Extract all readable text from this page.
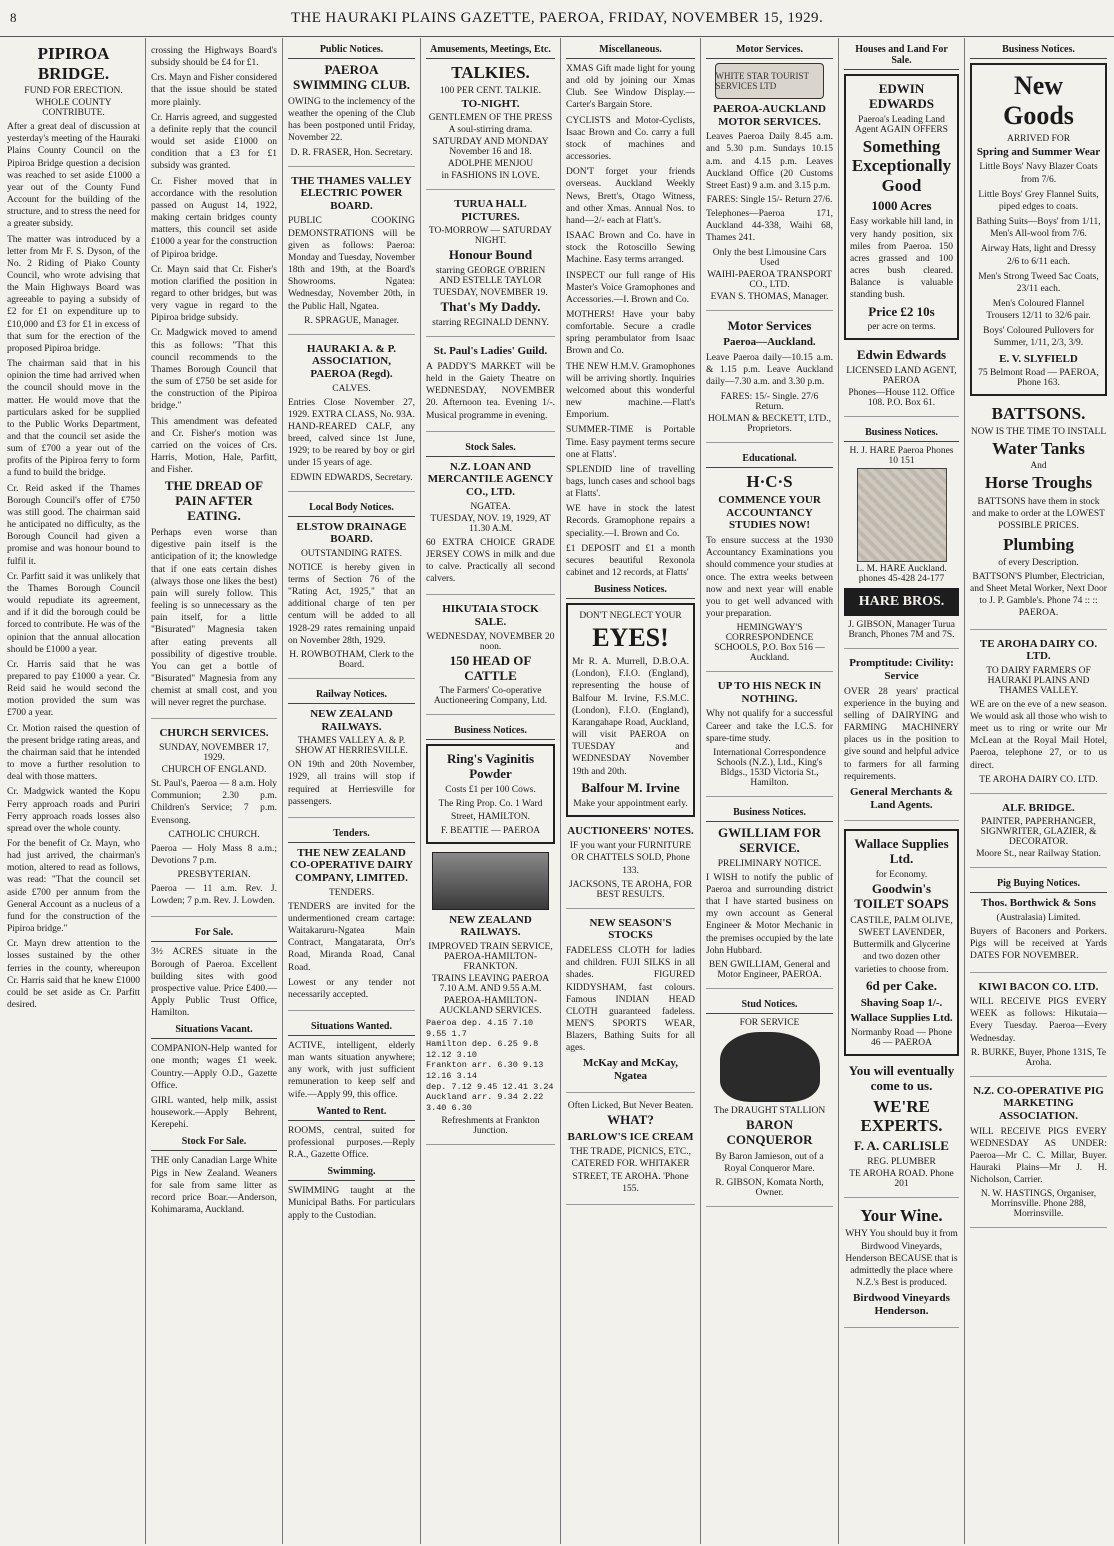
8	THE HAURAKI PLAINS GAZETTE, PAEROA, FRIDAY, NOVEMBER 15, 1929.
PIPIROA BRIDGE.
FUND FOR ERECTION.
WHOLE COUNTY CONTRIBUTE.

After a great deal of discussion at yesterday's meeting of the Hauraki Plains County Council on the Pipiroa Bridge question a decision was reached to set aside £1000 a year out of the County Fund Account for the building of the structure, and to stress the need for a greater subsidy.

The matter was introduced by a letter from Mr F. S. Dyson, of the No. 2 Riding of Piako County Council, who wrote advising that the Main Highways Board was agreeable to paying a subsidy of £2 for £1 on expenditure up to £10,000 and £3 for £1 in excess of that sum for the erection of the proposed Pipiroa bridge.

The chairman said that in his opinion the time had arrived when the council should move in the matter. He would move that the particulars asked for be supplied to the Public Works Department, and that the council set aside the sum of £700 a year out of the profits of the Pipiroa ferry to form a fund to build the bridge.

Cr. Reid asked if the Thames Borough Council's offer of £750 was still good. The chairman said he anticipated no difficulty, as the Borough Council had given a promise and was honour bound to fulfil it.

Cr. Parfitt said it was unlikely that the Thames Borough Council would repudiate its agreement, and if it did the borough could be forced to contribute. He was of the opinion that the annual allocation should be £1000 a year.

Cr. Harris said that he was prepared to pay £1000 a year. Cr. Reid said he would second the motion provided the sum was £700 a year.

Cr. Motion raised the question of the present bridge rating areas, and the chairman said that he intended to move a further resolution to deal with those matters.

Cr. Madgwick wanted the Kopu Ferry approach roads and Puriri Ferry approach roads losses also spread over the whole county.

For the benefit of Cr. Mayn, who had just arrived, the chairman's motion, altered to read as follows, was read: "That the council set aside £700 per annum from the General Account as a nucleus of a fund for the construction of the Pipiroa bridge."

Cr. Mayn drew attention to the losses sustained by the other ferries in the county, whereupon Cr. Harris said that he knew £1000 could be set aside as Cr. Parfitt desired.

crossing the Highways Board's subsidy should be £4 for £1.

Crs. Mayn and Fisher considered that the issue should be stated more plainly.

Cr. Harris agreed, and suggested a definite reply that the council would set aside £1000 on condition that a £3 for £1 subsidy was granted.

Cr. Fisher moved that in accordance with the resolution passed on August 14, 1922, making certain bridges county matters, this council set aside £1000 a year for the construction of Pipiroa bridge.

Cr. Mayn said that Cr. Fisher's motion clarified the position in regard to other bridges, but was very vague in regard to the Pipiroa bridge subsidy.

Cr. Madgwick moved to amend this as follows: "That this council recommends to the Thames Borough Council that the sum of £750 be set aside for the construction of the Pipiroa bridge."

This amendment was defeated and Cr. Fisher's motion was carried on the voices of Crs. Harris, Motion, Hale, Parfitt, and Fisher.

THE DREAD OF PAIN AFTER EATING.

Perhaps even worse than digestive pain itself is the anticipation of it; the knowledge that if one eats certain dishes (always those one likes the best) pain will surely follow. This feeling is so unnecessary as the pain itself, for a little "Bisurated" Magnesia taken after eating prevents all possibility of digestive trouble. You can get a bottle of "Bisurated" Magnesia from any chemist at small cost, and you will never regret the purchase.

CHURCH SERVICES.
SUNDAY, NOVEMBER 17, 1929.
CHURCH OF ENGLAND.

St. Paul's, Paeroa — 8 a.m. Holy Communion; 2.30 p.m. Children's Service; 7 p.m. Evensong.

CATHOLIC CHURCH.

Paeroa — Holy Mass 8 a.m.; Devotions 7 p.m.

PRESBYTERIAN.

Paeroa — 11 a.m. Rev. J. Lowden; 7 p.m. Rev. J. Lowden.

For Sale.

3½ ACRES situate in the Borough of Paeroa. Excellent building sites with good prospective value. Price £400.—Apply Public Trust Office, Hamilton.

Situations Vacant.

COMPANION-Help wanted for one month; wages £1 week. Country.—Apply O.D., Gazette Office.

GIRL wanted, help milk, assist housework.—Apply Behrent, Kerepehi.

Stock For Sale.

THE only Canadian Large White Pigs in New Zealand. Weaners for sale from same litter as record price Boar.—Anderson, Kohimarama, Auckland.

Public Notices.
PAEROA SWIMMING CLUB.

OWING to the inclemency of the weather the opening of the Club has been postponed until Friday, November 22.

D. R. FRASER, Hon. Secretary.
THE THAMES VALLEY ELECTRIC POWER BOARD.

PUBLIC COOKING DEMONSTRATIONS will be given as follows: Paeroa: Monday and Tuesday, November 18th and 19th, at the Board's Showrooms. Ngatea: Wednesday, November 20th, in the Public Hall, Ngatea.

R. SPRAGUE, Manager.
HAURAKI A. & P. ASSOCIATION, PAEROA (Regd).
CALVES.

Entries Close November 27, 1929. EXTRA CLASS, No. 93A. HAND-REARED CALF, any breed, calved since 1st June, 1929; to be reared by boy or girl under 15 years of age.

EDWIN EDWARDS, Secretary.
Local Body Notices.
ELSTOW DRAINAGE BOARD.
OUTSTANDING RATES.

NOTICE is hereby given in terms of Section 76 of the "Rating Act, 1925," that an additional charge of ten per centum will be added to all 1928-29 rates remaining unpaid on November 28th, 1929.

H. ROWBOTHAM, Clerk to the Board.
Railway Notices.
NEW ZEALAND RAILWAYS.
THAMES VALLEY A. & P. SHOW AT HERRIESVILLE.

ON 19th and 20th November, 1929, all trains will stop if required at Herriesville for passengers.

Tenders.
THE NEW ZEALAND CO-OPERATIVE DAIRY COMPANY, LIMITED.
TENDERS.

TENDERS are invited for the undermentioned cream cartage: Waitakaruru-Ngatea Main Contract, Mangatarata, Orr's Road, Miranda Road, Canal Road.

Lowest or any tender not necessarily accepted.

Situations Wanted.

ACTIVE, intelligent, elderly man wants situation anywhere; any work, with just sufficient remuneration to keep self and wife.—Apply 99, this office.

Wanted to Rent.

ROOMS, central, suited for professional purposes.—Reply R.A., Gazette Office.

Swimming.

SWIMMING taught at the Municipal Baths. For particulars apply to the Custodian.

Amusements, Meetings, Etc.
TALKIES.
100 PER CENT. TALKIE.
TO-NIGHT.
GENTLEMEN OF THE PRESS
A soul-stirring drama.
SATURDAY AND MONDAY November 16 and 18.
ADOLPHE MENJOU
in FASHIONS IN LOVE.
TURUA HALL PICTURES.
TO-MORROW — SATURDAY NIGHT.
Honour Bound
starring GEORGE O'BRIEN AND ESTELLE TAYLOR
TUESDAY, NOVEMBER 19.
That's My Daddy.
starring REGINALD DENNY.
St. Paul's Ladies' Guild.

A PADDY'S MARKET will be held in the Gaiety Theatre on WEDNESDAY, NOVEMBER 20. Afternoon tea. Evening 1/-. Musical programme in evening.

Stock Sales.
N.Z. LOAN AND MERCANTILE AGENCY CO., LTD.
NGATEA.
TUESDAY, NOV. 19, 1929, AT 11.30 A.M.

60 EXTRA CHOICE GRADE JERSEY COWS in milk and due to calve. Practically all second calvers.

HIKUTAIA STOCK SALE.
WEDNESDAY, NOVEMBER 20 noon.
150 HEAD OF CATTLE
The Farmers' Co-operative Auctioneering Company, Ltd.
Business Notices.
Ring's Vaginitis Powder
Costs £1 per 100 Cows.

The Ring Prop. Co. 1 Ward Street, HAMILTON.

F. BEATTIE — PAEROA
NEW ZEALAND RAILWAYS.
IMPROVED TRAIN SERVICE, PAEROA-HAMILTON-FRANKTON.
TRAINS LEAVING PAEROA 7.10 A.M. AND 9.55 A.M.
PAEROA-HAMILTON-AUCKLAND SERVICES.
Paeroa dep. 4.15 7.10 9.55 1.7
Hamilton dep. 6.25 9.8 12.12 3.10
Frankton arr. 6.30 9.13 12.16 3.14
dep. 7.12 9.45 12.41 3.24
Auckland arr. 9.34 2.22 3.40 6.30
Refreshments at Frankton Junction.
Miscellaneous.

XMAS Gift made light for young and old by joining our Xmas Club. See Window Display.—Carter's Bargain Store.

CYCLISTS and Motor-Cyclists, Isaac Brown and Co. carry a full stock of machines and accessories.

DON'T forget your friends overseas. Auckland Weekly News, Brett's, Otago Witness, and other Xmas. Annual Nos. to hand—2/- each at Flatt's.

ISAAC Brown and Co. have in stock the Rotoscillo Sewing Machine. Easy terms arranged.

INSPECT our full range of His Master's Voice Gramophones and Accessories.—I. Brown and Co.

MOTHERS! Have your baby comfortable. Secure a cradle spring perambulator from Isaac Brown and Co.

THE NEW H.M.V. Gramophones will be arriving shortly. Inquiries welcomed about this wonderful new machine.—Flatt's Emporium.

SUMMER-TIME is Portable Time. Easy payment terms secure one at Flatts'.

SPLENDID line of travelling bags, lunch cases and school bags at Flatts'.

WE have in stock the latest Records. Gramophone repairs a speciality.—I. Brown and Co.

£1 DEPOSIT and £1 a month secures beautiful Rexonola cabinet and 12 records, at Flatts'

Business Notices.
DON'T NEGLECT YOUR
EYES!

Mr R. A. Murrell, D.B.O.A. (London), F.I.O. (England), representing the house of Balfour M. Irvine, F.S.M.C. (London), F.I.O. (England), Karangahape Road, Auckland, will visit PAEROA on TUESDAY and WEDNESDAY November 19th and 20th.

Balfour M. Irvine
Make your appointment early.
AUCTIONEERS' NOTES.

IF you want your FURNITURE OR CHATTELS SOLD, Phone 133.

JACKSONS, TE AROHA, FOR BEST RESULTS.
NEW SEASON'S STOCKS

FADELESS CLOTH for ladies and children. FUJI SILKS in all shades. FIGURED KIDDYSHAM, fast colours. Famous INDIAN HEAD CLOTH guaranteed fadeless. MEN'S SPORTS WEAR, Blazers, Bathing Suits for all ages.

McKay and McKay, Ngatea
Often Licked, But Never Beaten.
WHAT?
BARLOW'S ICE CREAM

THE TRADE, PICNICS, ETC., CATERED FOR. WHITAKER STREET, TE AROHA. 'Phone 155.

Motor Services.
WHITE STAR TOURIST SERVICES LTD
PAEROA-AUCKLAND MOTOR SERVICES.

Leaves Paeroa Daily 8.45 a.m. and 5.30 p.m. Sundays 10.15 a.m. and 4.15 p.m. Leaves Auckland Office (20 Customs Street East) 9 a.m. and 3.15 p.m.

FARES: Single 15/- Return 27/6.

Telephones—Paeroa 171, Auckland 44-338, Waihi 68, Thames 241.

Only the best Limousine Cars Used
WAIHI-PAEROA TRANSPORT CO., LTD.
EVAN S. THOMAS, Manager.
Motor Services
Paeroa—Auckland.

Leave Paeroa daily—10.15 a.m. & 1.15 p.m. Leave Auckland daily—7.30 a.m. and 3.30 p.m.

FARES: 15/- Single. 27/6 Return.
HOLMAN & BECKETT, LTD., Proprietors.
Educational.
H·C·S
COMMENCE YOUR ACCOUNTANCY STUDIES NOW!

To ensure success at the 1930 Accountancy Examinations you should commence your studies at once. The extra weeks between now and next year will enable you to get well advanced with your preparation.

HEMINGWAY'S CORRESPONDENCE SCHOOLS, P.O. Box 516 — Auckland.
UP TO HIS NECK IN NOTHING.

Why not qualify for a successful Career and take the I.C.S. for spare-time study.

International Correspondence Schools (N.Z.), Ltd., King's Bldgs., 153D Victoria St., Hamilton.
Business Notices.
GWILLIAM FOR SERVICE.
PRELIMINARY NOTICE.

I WISH to notify the public of Paeroa and surrounding district that I have started business on my own account as General Engineer & Motor Mechanic in the premises occupied by the late John Hubbard.

BEN GWILLIAM, General and Motor Engineer, PAEROA.
Stud Notices.
FOR SERVICE
The DRAUGHT STALLION
BARON CONQUEROR

By Baron Jamieson, out of a Royal Conqueror Mare.

R. GIBSON, Komata North, Owner.
Houses and Land For Sale.
EDWIN EDWARDS
Paeroa's Leading Land Agent AGAIN OFFERS
Something Exceptionally Good
1000 Acres

Easy workable hill land, in very handy position, six miles from Paeroa. 150 acres grassed and 100 acres bush cleared. Balance is valuable standing bush.

Price £2 10s
per acre on terms.
Edwin Edwards
LICENSED LAND AGENT, PAEROA
Phones—House 112. Office 108. P.O. Box 61.
Business Notices.
H. J. HARE Paeroa Phones 10 151
L. M. HARE Auckland. phones 45-428 24-177
HARE BROS.
J. GIBSON, Manager Turua Branch, Phones 7M and 7S.
Promptitude: Civility: Service

OVER 28 years' practical experience in the buying and selling of DAIRYING and FARMING MACHINERY places us in the position to give sound and helpful advice to farmers for all farming requirements.

General Merchants & Land Agents.
Wallace Supplies Ltd.
for Economy.
Goodwin's TOILET SOAPS

CASTILE, PALM OLIVE, SWEET LAVENDER, Buttermilk and Glycerine and two dozen other varieties to choose from.

6d per Cake.
Shaving Soap 1/-.
Wallace Supplies Ltd.
Normanby Road — Phone 46 — PAEROA
You will eventually come to us.
WE'RE EXPERTS.
F. A. CARLISLE
REG. PLUMBER
TE AROHA ROAD. Phone 201
Your Wine.

WHY You should buy it from Birdwood Vineyards, Henderson BECAUSE that is admittedly the place where N.Z.'s Best is produced.

Birdwood Vineyards Henderson.
Business Notices.
New Goods
ARRIVED FOR
Spring and Summer Wear

Little Boys' Navy Blazer Coats from 7/6.

Little Boys' Grey Flannel Suits, piped edges to coats.

Bathing Suits—Boys' from 1/11, Men's All-wool from 7/6.

Airway Hats, light and Dressy 2/6 to 6/11 each.

Men's Strong Tweed Sac Coats, 23/11 each.

Men's Coloured Flannel Trousers 12/11 to 32/6 pair.

Boys' Coloured Pullovers for Summer, 1/11, 2/3, 3/9.

E. V. SLYFIELD
75 Belmont Road — PAEROA, Phone 163.
BATTSONS.
NOW IS THE TIME TO INSTALL
Water Tanks
And
Horse Troughs

BATTSONS have them in stock and make to order at the LOWEST POSSIBLE PRICES.

Plumbing
of every Description.

BATTSON'S Plumber, Electrician, and Sheet Metal Worker, Next Door to J. P. Gamble's. Phone 74 :: :: PAEROA.

TE AROHA DAIRY CO. LTD.
TO DAIRY FARMERS OF HAURAKI PLAINS AND THAMES VALLEY.

WE are on the eve of a new season. We would ask all those who wish to meet us to ring or write our Mr McLean at the Royal Mail Hotel, Paeroa, telephone 27, or to us direct.

TE AROHA DAIRY CO. LTD.
ALF. BRIDGE.
PAINTER, PAPERHANGER, SIGNWRITER, GLAZIER, & DECORATOR.
Moore St., near Railway Station.
Pig Buying Notices.
Thos. Borthwick & Sons
(Australasia) Limited.

Buyers of Baconers and Porkers. Pigs will be received at Yards DATES FOR NOVEMBER.

KIWI BACON CO. LTD.

WILL RECEIVE PIGS EVERY WEEK as follows: Hikutaia—Every Tuesday. Paeroa—Every Wednesday.

R. BURKE, Buyer, Phone 131S, Te Aroha.
N.Z. CO-OPERATIVE PIG MARKETING ASSOCIATION.

WILL RECEIVE PIGS EVERY WEDNESDAY AS UNDER: Paeroa—Mr C. C. Millar, Buyer. Hauraki Plains—Mr J. H. Nicholson, Carrier.

N. W. HASTINGS, Organiser, Morrinsville. Phone 288, Morrinsville.
